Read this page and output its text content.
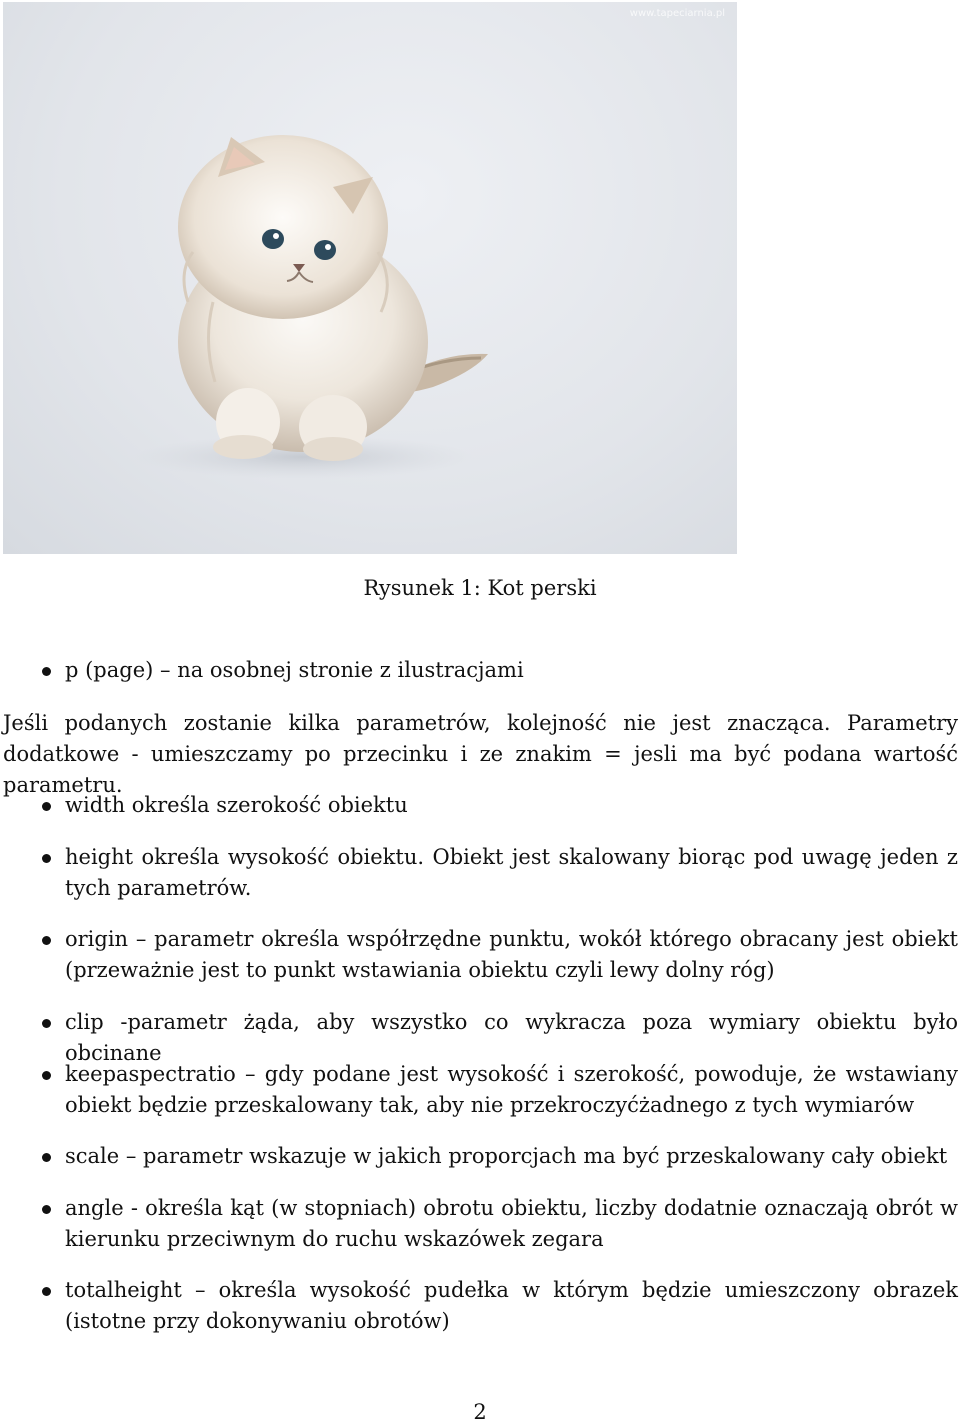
www.tapeciarnia.pl
Rysunek 1: Kot perski
p (page) – na osobnej stronie z ilustracjami
Jeśli podanych zostanie kilka parametrów, kolejność nie jest znacząca. Parametry dodatkowe - umieszczamy po przecinku i ze znakim = jesli ma być podana wartość parametru.
width określa szerokość obiektu
height określa wysokość obiektu. Obiekt jest skalowany biorąc pod uwagę jeden z tych parametrów.
origin – parametr określa współrzędne punktu, wokół którego obracany jest obiekt (przeważnie jest to punkt wstawiania obiektu czyli lewy dolny róg)
clip -parametr żąda, aby wszystko co wykracza poza wymiary obiektu było obcinane
keepaspectratio – gdy podane jest wysokość i szerokość, powoduje, że wstawiany obiekt będzie przeskalowany tak, aby nie przekroczyćżadnego z tych wymiarów
scale – parametr wskazuje w jakich proporcjach ma być przeskalowany cały obiekt
angle - określa kąt (w stopniach) obrotu obiektu, liczby dodatnie oznaczają obrót w kierunku przeciwnym do ruchu wskazówek zegara
totalheight – określa wysokość pudełka w którym będzie umieszczony obrazek (istotne przy dokonywaniu obrotów)
2
